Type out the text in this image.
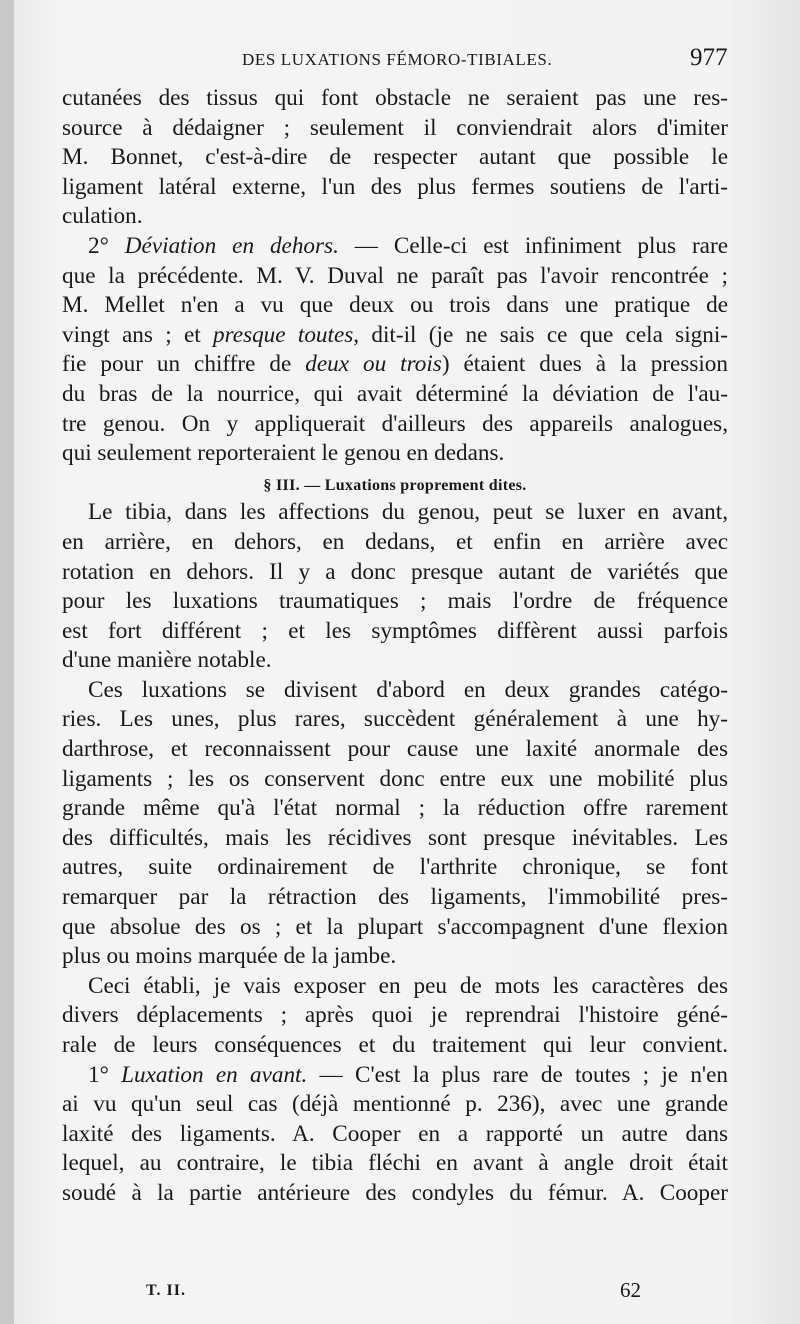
DES LUXATIONS FÉMORO-TIBIALES.	977
cutanées des tissus qui font obstacle ne seraient pas une res-
source à dédaigner ; seulement il conviendrait alors d'imiter
M. Bonnet, c'est-à-dire de respecter autant que possible le
ligament latéral externe, l'un des plus fermes soutiens de l'arti-
culation.
2° Déviation en dehors. — Celle-ci est infiniment plus rare
que la précédente. M. V. Duval ne paraît pas l'avoir rencontrée ;
M. Mellet n'en a vu que deux ou trois dans une pratique de
vingt ans ; et presque toutes, dit-il (je ne sais ce que cela signi-
fie pour un chiffre de deux ou trois) étaient dues à la pression
du bras de la nourrice, qui avait déterminé la déviation de l'au-
tre genou. On y appliquerait d'ailleurs des appareils analogues,
qui seulement reporteraient le genou en dedans.
§ III. — Luxations proprement dites.
Le tibia, dans les affections du genou, peut se luxer en avant,
en arrière, en dehors, en dedans, et enfin en arrière avec
rotation en dehors. Il y a donc presque autant de variétés que
pour les luxations traumatiques ; mais l'ordre de fréquence
est fort différent ; et les symptômes diffèrent aussi parfois
d'une manière notable.
Ces luxations se divisent d'abord en deux grandes catégo-
ries. Les unes, plus rares, succèdent généralement à une hy-
darthrose, et reconnaissent pour cause une laxité anormale des
ligaments ; les os conservent donc entre eux une mobilité plus
grande même qu'à l'état normal ; la réduction offre rarement
des difficultés, mais les récidives sont presque inévitables. Les
autres, suite ordinairement de l'arthrite chronique, se font
remarquer par la rétraction des ligaments, l'immobilité pres-
que absolue des os ; et la plupart s'accompagnent d'une flexion
plus ou moins marquée de la jambe.
Ceci établi, je vais exposer en peu de mots les caractères des
divers déplacements ; après quoi je reprendrai l'histoire géné-
rale de leurs conséquences et du traitement qui leur convient.
1° Luxation en avant. — C'est la plus rare de toutes ; je n'en
ai vu qu'un seul cas (déjà mentionné p. 236), avec une grande
laxité des ligaments. A. Cooper en a rapporté un autre dans
lequel, au contraire, le tibia fléchi en avant à angle droit était
soudé à la partie antérieure des condyles du fémur. A. Cooper
T. II.	62
